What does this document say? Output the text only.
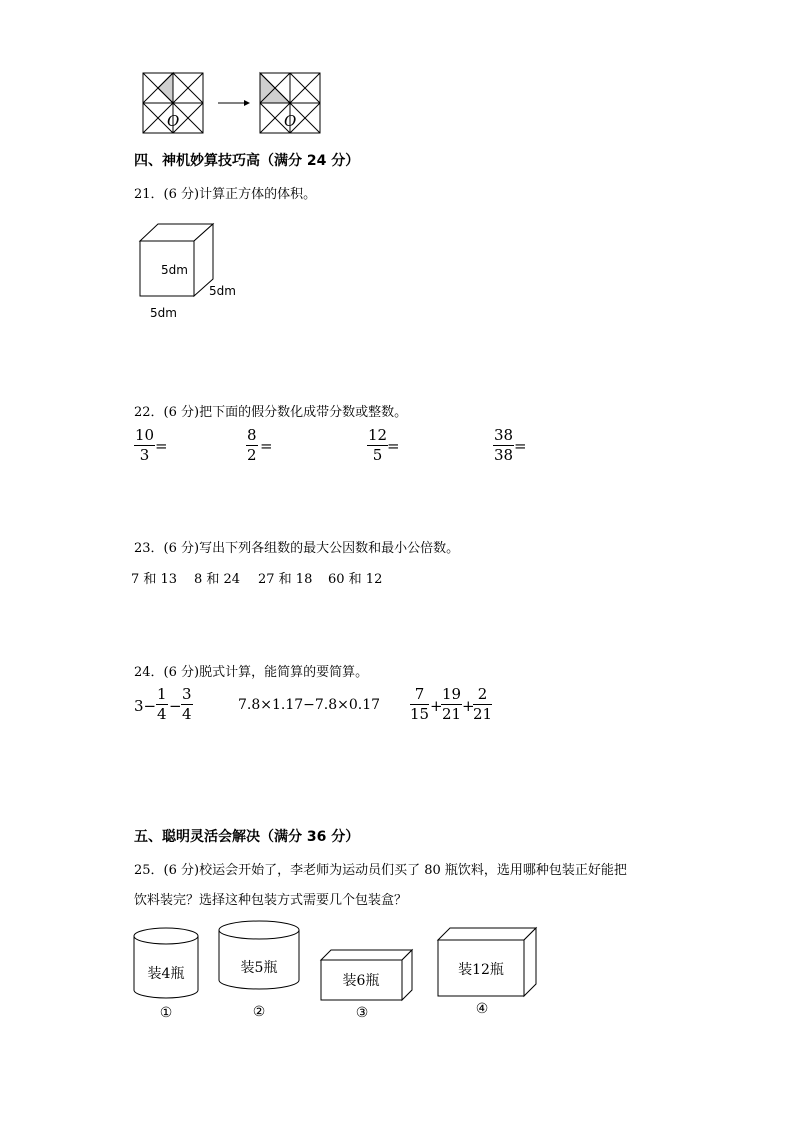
O	O
四、神机妙算技巧高（满分 24 分）
21．(6 分)计算正方体的体积。
5dm
5dm
5dm
22．(6 分)把下面的假分数化成带分数或整数。
$\frac{10}{3}$ =	$\frac{8}{2}$ =	$\frac{12}{5}$
=	$\frac{38}{38}$ =
23．(6 分)写出下列各组数的最大公因数和最小公倍数。
7 和 13 8 和 24 27 和 18 60 和 12
24．(6 分)脱式计算，能简算的要简算。
$3- \frac{1}{4} - \frac{3}{4}$	$7.8\times 1.17-7.8\times 0.17 \frac{7}{15}$ +
$\frac{19}{21}$ +
$\frac{2}{21}$
五、聪明灵活会解决（满分 36 分）
25．(6 分)校运会开始了，李老师为运动员们买了 80 瓶饮料，选用哪种包装正好能把
饮料装完？选择这种包装方式需要几个包装盒？
装4瓶
①
装5瓶
②
装6瓶
③
装12瓶
④
